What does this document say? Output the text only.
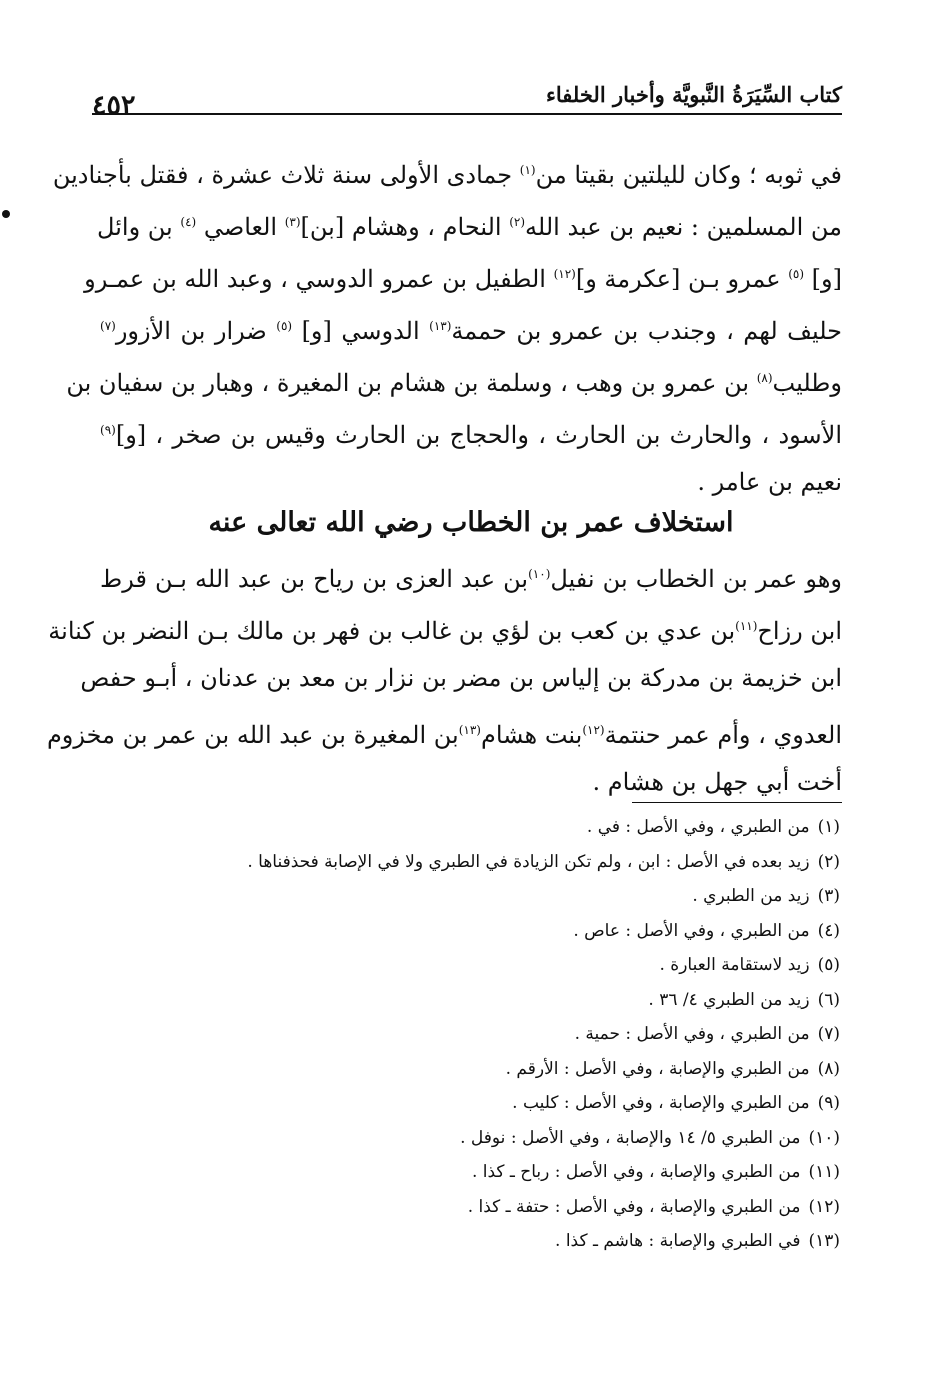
كتاب السِّيَرَةُ النَّبويَّة وأخبار الخلفاء
٤٥٢
في ثوبه ؛ وكان لليلتين بقيتا من$^{(١)}$ جمادى الأولى سنة ثلاث عشرة ، فقتل بأجنادين
من المسلمين : نعيم بن عبد الله$^{(٢)}$ النحام ، وهشام [بن]$^{(٣)}$ العاصي $^{(٤)}$ بن وائل
[و] $^{(٥)}$ عمرو بـن [عكرمة و]$^{(١٢)}$ الطفيل بن عمرو الدوسي ، وعبد الله بن عمـرو
حليف لهم ، وجندب بن عمرو بن حممة$^{(١٣)}$ الدوسي [و] $^{(٥)}$ ضرار بن الأزور$^{(٧)}$
وطليب$^{(٨)}$ بن عمرو بن وهب ، وسلمة بن هشام بن المغيرة ، وهبار بن سفيان بن
الأسود ، والحارث بن الحارث ، والحجاج بن الحارث وقيس بن صخر ، [و]$^{(٩)}$
نعيم بن عامر .
استخلاف عمر بن الخطاب رضي الله تعالى عنه
وهو عمر بن الخطاب بن نفيل$^{(١٠)}$بن عبد العزى بن رياح بن عبد الله بـن قرط
ابن رزاح$^{(١١)}$بن عدي بن كعب بن لؤي بن غالب بن فهر بن مالك بـن النضر بن كنانة
ابن خزيمة بن مدركة بن إلياس بن مضر بن نزار بن معد بن عدنان ، أبـو حفص
العدوي ، وأم عمر حنتمة$^{(١٢)}$بنت هشام$^{(١٣)}$بن المغيرة بن عبد الله بن عمر بن مخزوم
أخت أبي جهل بن هشام .
(١)من الطبري ، وفي الأصل : في .
(٢)زيد بعده في الأصل : ابن ، ولم تكن الزيادة في الطبري ولا في الإصابة فحذفناها .
(٣)زيد من الطبري .
(٤)من الطبري ، وفي الأصل : عاص .
(٥)زيد لاستقامة العبارة .
(٦)زيد من الطبري ٤/ ٣٦ .
(٧)من الطبري ، وفي الأصل : حمية .
(٨)من الطبري والإصابة ، وفي الأصل : الأرقم .
(٩)من الطبري والإصابة ، وفي الأصل : كليب .
(١٠)من الطبري ٥/ ١٤ والإصابة ، وفي الأصل : نوفل .
(١١)من الطبري والإصابة ، وفي الأصل : رباح ـ كذا .
(١٢)من الطبري والإصابة ، وفي الأصل : حتفة ـ كذا .
(١٣)في الطبري والإصابة : هاشم ـ كذا .
